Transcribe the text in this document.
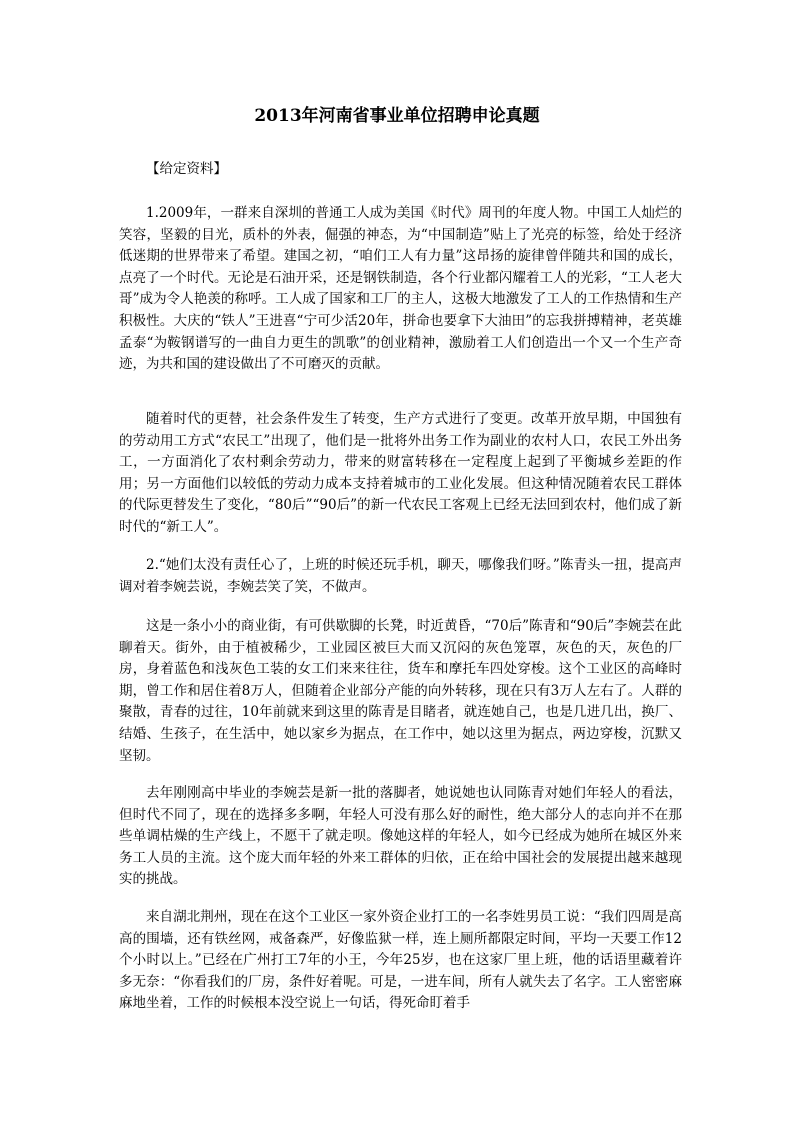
2013年河南省事业单位招聘申论真题

【给定资料】

1.2009年，一群来自深圳的普通工人成为美国《时代》周刊的年度人物。中国工人灿烂的笑容，坚毅的目光，质朴的外表，倔强的神态，为“中国制造”贴上了光亮的标签，给处于经济低迷期的世界带来了希望。建国之初，“咱们工人有力量”这昂扬的旋律曾伴随共和国的成长，点亮了一个时代。无论是石油开采，还是钢铁制造，各个行业都闪耀着工人的光彩，“工人老大哥”成为令人艳羡的称呼。工人成了国家和工厂的主人，这极大地激发了工人的工作热情和生产积极性。大庆的“铁人”王进喜“宁可少活20年，拼命也要拿下大油田”的忘我拼搏精神，老英雄孟泰“为鞍钢谱写的一曲自力更生的凯歌”的创业精神，激励着工人们创造出一个又一个生产奇迹，为共和国的建设做出了不可磨灭的贡献。

随着时代的更替，社会条件发生了转变，生产方式进行了变更。改革开放早期，中国独有的劳动用工方式“农民工”出现了，他们是一批将外出务工作为副业的农村人口，农民工外出务工，一方面消化了农村剩余劳动力，带来的财富转移在一定程度上起到了平衡城乡差距的作用；另一方面他们以较低的劳动力成本支持着城市的工业化发展。但这种情况随着农民工群体的代际更替发生了变化，“80后”“90后”的新一代农民工客观上已经无法回到农村，他们成了新时代的“新工人”。

2.“她们太没有责任心了，上班的时候还玩手机，聊天，哪像我们呀。”陈青头一扭，提高声调对着李婉芸说，李婉芸笑了笑，不做声。

这是一条小小的商业街，有可供歇脚的长凳，时近黄昏，“70后”陈青和“90后”李婉芸在此聊着天。街外，由于植被稀少，工业园区被巨大而又沉闷的灰色笼罩，灰色的天，灰色的厂房，身着蓝色和浅灰色工装的女工们来来往往，货车和摩托车四处穿梭。这个工业区的高峰时期，曾工作和居住着8万人，但随着企业部分产能的向外转移，现在只有3万人左右了。人群的聚散，青春的过往，10年前就来到这里的陈青是目睹者，就连她自己，也是几进几出，换厂、结婚、生孩子，在生活中，她以家乡为据点，在工作中，她以这里为据点，两边穿梭，沉默又坚韧。

去年刚刚高中毕业的李婉芸是新一批的落脚者，她说她也认同陈青对她们年轻人的看法，但时代不同了，现在的选择多多啊，年轻人可没有那么好的耐性，绝大部分人的志向并不在那些单调枯燥的生产线上，不愿干了就走呗。像她这样的年轻人，如今已经成为她所在城区外来务工人员的主流。这个庞大而年轻的外来工群体的归依，正在给中国社会的发展提出越来越现实的挑战。

来自湖北荆州，现在在这个工业区一家外资企业打工的一名李姓男员工说：“我们四周是高高的围墙，还有铁丝网，戒备森严，好像监狱一样，连上厕所都限定时间，平均一天要工作12个小时以上。”已经在广州打工7年的小王，今年25岁，也在这家厂里上班，他的话语里藏着许多无奈：“你看我们的厂房，条件好着呢。可是，一进车间，所有人就失去了名字。工人密密麻麻地坐着，工作的时候根本没空说上一句话，得死命盯着手
